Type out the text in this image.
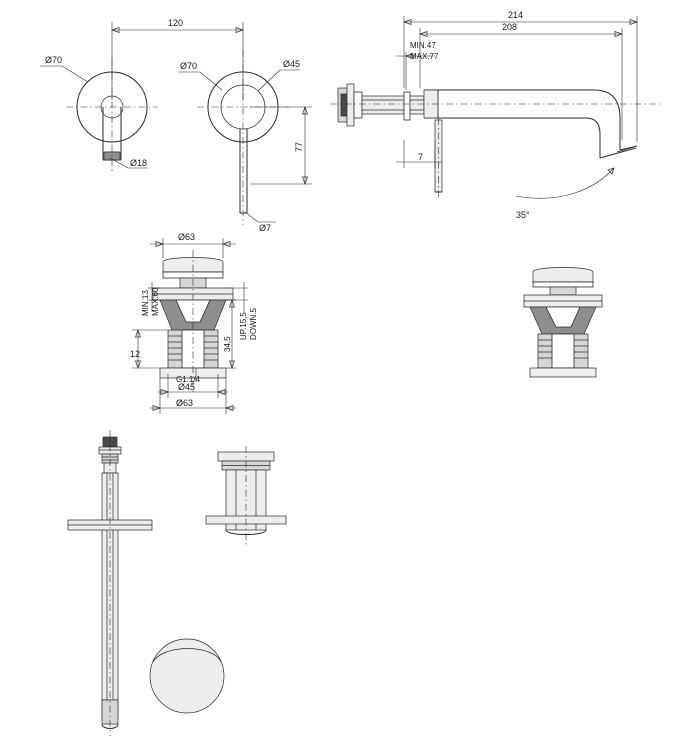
120
Ø70
Ø70	Ø45
Ø18
77
Ø7
214
208
MIN.47
MAX.77
7
35°
Ø63
MIN.13 MAX.60
UP.15,5 DOWN.5
34,5
12
G1.1/4
Ø45
Ø63
